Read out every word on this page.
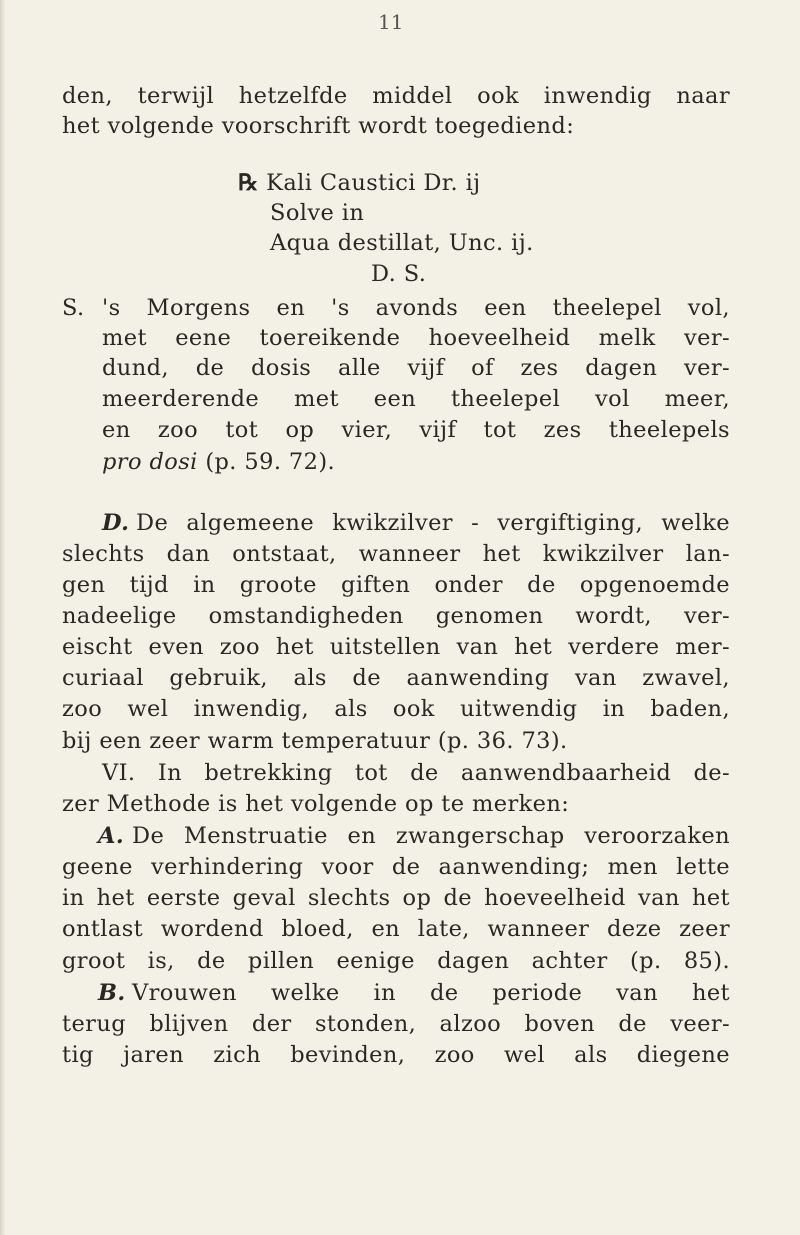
11
den, terwijl hetzelfde middel ook inwendig naar
het volgende voorschrift wordt toegediend:
℞ Kali Caustici Dr. ij
Solve in
Aqua destillat, Unc. ij.
D. S.
S. 's Morgens en 's avonds een theelepel vol,
met eene toereikende hoeveelheid melk ver-
dund, de dosis alle vijf of zes dagen ver-
meerderende met een theelepel vol meer,
en zoo tot op vier, vijf tot zes theelepels
pro dosi (p. 59. 72).
D. De algemeene kwikzilver - vergiftiging, welke
slechts dan ontstaat, wanneer het kwikzilver lan-
gen tijd in groote giften onder de opgenoemde
nadeelige omstandigheden genomen wordt, ver-
eischt even zoo het uitstellen van het verdere mer-
curiaal gebruik, als de aanwending van zwavel,
zoo wel inwendig, als ook uitwendig in baden,
bij een zeer warm temperatuur (p. 36. 73).
VI. In betrekking tot de aanwendbaarheid de-
zer Methode is het volgende op te merken:
A. De Menstruatie en zwangerschap veroorzaken
geene verhindering voor de aanwending; men lette
in het eerste geval slechts op de hoeveelheid van het
ontlast wordend bloed, en late, wanneer deze zeer
groot is, de pillen eenige dagen achter (p. 85).
B. Vrouwen welke in de periode van het
terug blijven der stonden, alzoo boven de veer-
tig jaren zich bevinden, zoo wel als diegene
